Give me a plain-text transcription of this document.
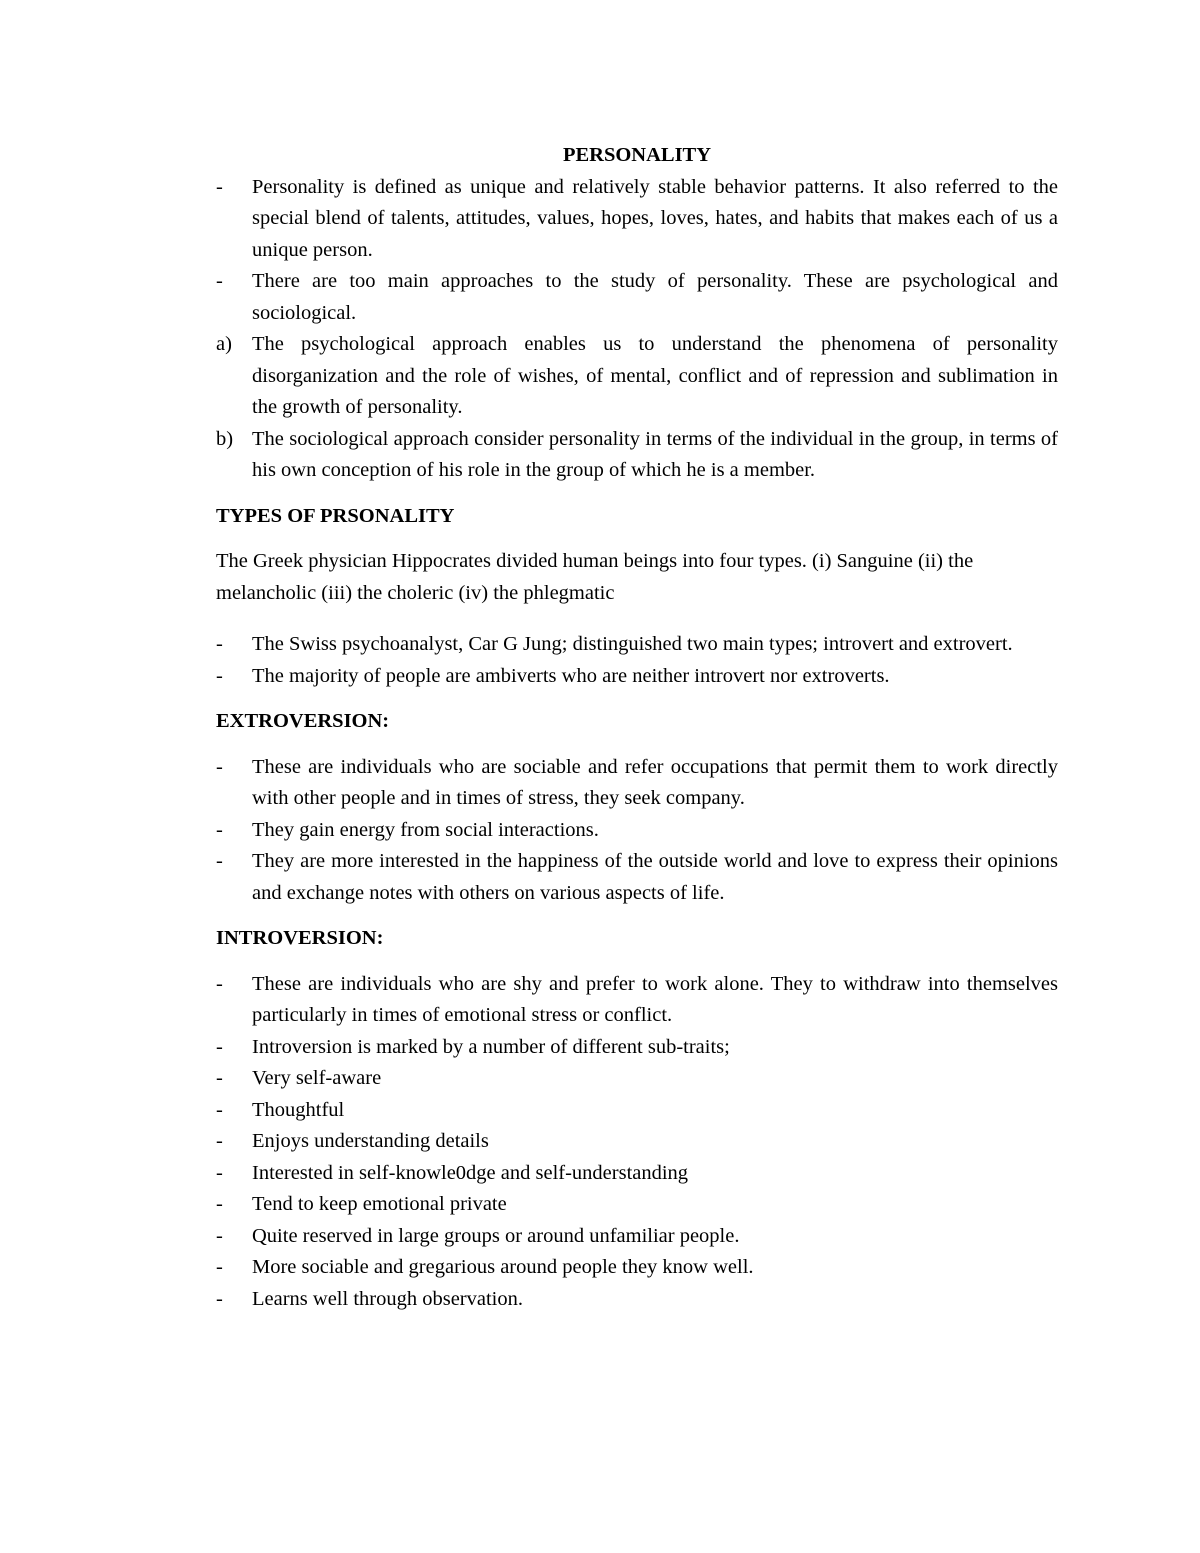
PERSONALITY

- Personality is defined as unique and relatively stable behavior patterns. It also referred to the special blend of talents, attitudes, values, hopes, loves, hates, and habits that makes each of us a unique person.
- There are too main approaches to the study of personality. These are psychological and sociological.
a) The psychological approach enables us to understand the phenomena of personality disorganization and the role of wishes, of mental, conflict and of repression and sublimation in the growth of personality.
b) The sociological approach consider personality in terms of the individual in the group, in terms of his own conception of his role in the group of which he is a member.

TYPES OF PRSONALITY

The Greek physician Hippocrates divided human beings into four types. (i) Sanguine (ii) the melancholic (iii) the choleric (iv) the phlegmatic

- The Swiss psychoanalyst, Car G Jung; distinguished two main types; introvert and extrovert.
- The majority of people are ambiverts who are neither introvert nor extroverts.

EXTROVERSION:

- These are individuals who are sociable and refer occupations that permit them to work directly with other people and in times of stress, they seek company.
- They gain energy from social interactions.
- They are more interested in the happiness of the outside world and love to express their opinions and exchange notes with others on various aspects of life.

INTROVERSION:

- These are individuals who are shy and prefer to work alone. They to withdraw into themselves particularly in times of emotional stress or conflict.
- Introversion is marked by a number of different sub-traits;
- Very self-aware
- Thoughtful
- Enjoys understanding details
- Interested in self-knowle0dge and self-understanding
- Tend to keep emotional private
- Quite reserved in large groups or around unfamiliar people.
- More sociable and gregarious around people they know well.
- Learns well through observation.
